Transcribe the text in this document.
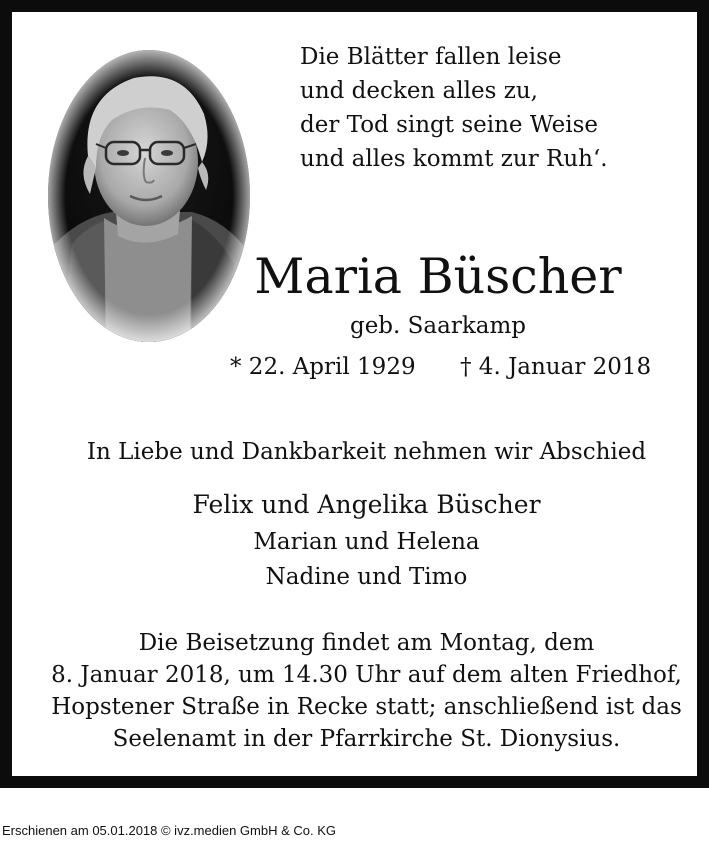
Die Blätter fallen leise
und decken alles zu,
der Tod singt seine Weise
und alles kommt zur Ruh‘.
Maria Büscher
geb. Saarkamp
* 22. April 1929 † 4. Januar 2018
In Liebe und Dankbarkeit nehmen wir Abschied
Felix und Angelika Büscher
Marian und Helena
Nadine und Timo
Die Beisetzung findet am Montag, dem
8. Januar 2018, um 14.30 Uhr auf dem alten Friedhof,
Hopstener Straße in Recke statt; anschließend ist das
Seelenamt in der Pfarrkirche St. Dionysius.
Erschienen am 05.01.2018 © ivz.medien GmbH & Co. KG
